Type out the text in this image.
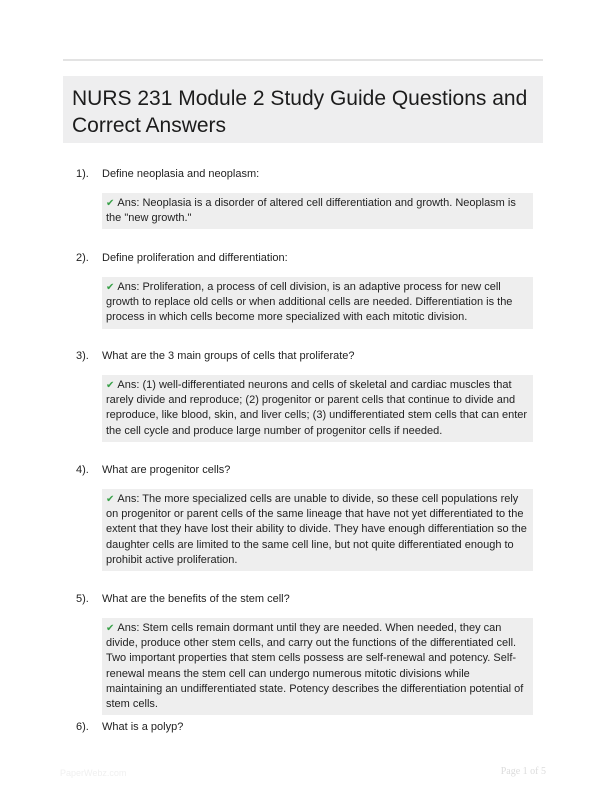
NURS 231 Module 2 Study Guide Questions and Correct Answers
1). Define neoplasia and neoplasm:
✔ Ans: Neoplasia is a disorder of altered cell differentiation and growth. Neoplasm is the "new growth."
2). Define proliferation and differentiation:
✔ Ans: Proliferation, a process of cell division, is an adaptive process for new cell growth to replace old cells or when additional cells are needed. Differentiation is the process in which cells become more specialized with each mitotic division.
3). What are the 3 main groups of cells that proliferate?
✔ Ans: (1) well-differentiated neurons and cells of skeletal and cardiac muscles that rarely divide and reproduce; (2) progenitor or parent cells that continue to divide and reproduce, like blood, skin, and liver cells; (3) undifferentiated stem cells that can enter the cell cycle and produce large number of progenitor cells if needed.
4). What are progenitor cells?
✔ Ans: The more specialized cells are unable to divide, so these cell populations rely on progenitor or parent cells of the same lineage that have not yet differentiated to the extent that they have lost their ability to divide. They have enough differentiation so the daughter cells are limited to the same cell line, but not quite differentiated enough to prohibit active proliferation.
5). What are the benefits of the stem cell?
✔ Ans: Stem cells remain dormant until they are needed. When needed, they can divide, produce other stem cells, and carry out the functions of the differentiated cell. Two important properties that stem cells possess are self-renewal and potency. Self-renewal means the stem cell can undergo numerous mitotic divisions while maintaining an undifferentiated state. Potency describes the differentiation potential of stem cells.
6). What is a polyp?
PaperWebz.com	Page 1 of 5
